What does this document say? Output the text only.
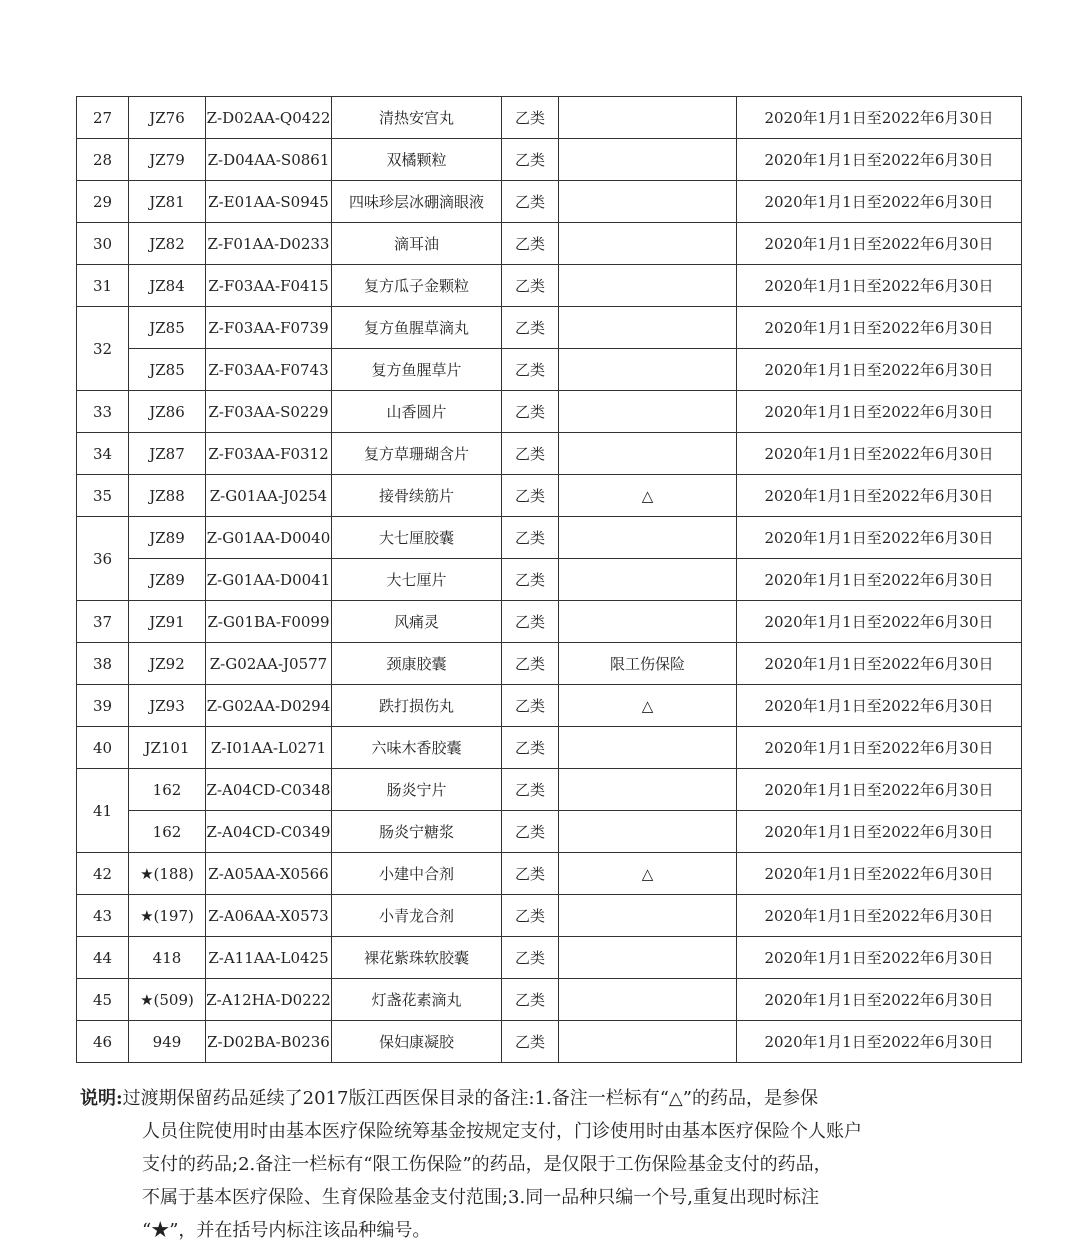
27	JZ76	Z-D02AA-Q0422	清热安宫丸	乙类		2020年1月1日至2022年6月30日
28	JZ79	Z-D04AA-S0861	双橘颗粒	乙类		2020年1月1日至2022年6月30日
29	JZ81	Z-E01AA-S0945	四味珍层冰硼滴眼液	乙类		2020年1月1日至2022年6月30日
30	JZ82	Z-F01AA-D0233	滴耳油	乙类		2020年1月1日至2022年6月30日
31	JZ84	Z-F03AA-F0415	复方瓜子金颗粒	乙类		2020年1月1日至2022年6月30日
32	JZ85	Z-F03AA-F0739	复方鱼腥草滴丸	乙类		2020年1月1日至2022年6月30日
	JZ85	Z-F03AA-F0743	复方鱼腥草片	乙类		2020年1月1日至2022年6月30日
33	JZ86	Z-F03AA-S0229	山香圆片	乙类		2020年1月1日至2022年6月30日
34	JZ87	Z-F03AA-F0312	复方草珊瑚含片	乙类		2020年1月1日至2022年6月30日
35	JZ88	Z-G01AA-J0254	接骨续筋片	乙类	△	2020年1月1日至2022年6月30日
36	JZ89	Z-G01AA-D0040	大七厘胶囊	乙类		2020年1月1日至2022年6月30日
	JZ89	Z-G01AA-D0041	大七厘片	乙类		2020年1月1日至2022年6月30日
37	JZ91	Z-G01BA-F0099	风痛灵	乙类		2020年1月1日至2022年6月30日
38	JZ92	Z-G02AA-J0577	颈康胶囊	乙类	限工伤保险	2020年1月1日至2022年6月30日
39	JZ93	Z-G02AA-D0294	跌打损伤丸	乙类	△	2020年1月1日至2022年6月30日
40	JZ101	Z-I01AA-L0271	六味木香胶囊	乙类		2020年1月1日至2022年6月30日
41	162	Z-A04CD-C0348	肠炎宁片	乙类		2020年1月1日至2022年6月30日
	162	Z-A04CD-C0349	肠炎宁糖浆	乙类		2020年1月1日至2022年6月30日
42	★(188)	Z-A05AA-X0566	小建中合剂	乙类	△	2020年1月1日至2022年6月30日
43	★(197)	Z-A06AA-X0573	小青龙合剂	乙类		2020年1月1日至2022年6月30日
44	418	Z-A11AA-L0425	裸花紫珠软胶囊	乙类		2020年1月1日至2022年6月30日
45	★(509)	Z-A12HA-D0222	灯盏花素滴丸	乙类		2020年1月1日至2022年6月30日
46	949	Z-D02BA-B0236	保妇康凝胶	乙类		2020年1月1日至2022年6月30日
说明:过渡期保留药品延续了2017版江西医保目录的备注:1.备注一栏标有“△”的药品，是参保
人员住院使用时由基本医疗保险统筹基金按规定支付，门诊使用时由基本医疗保险个人账户
支付的药品;2.备注一栏标有“限工伤保险”的药品，是仅限于工伤保险基金支付的药品，
不属于基本医疗保险、生育保险基金支付范围;3.同一品种只编一个号,重复出现时标注
“★”，并在括号内标注该品种编号。
